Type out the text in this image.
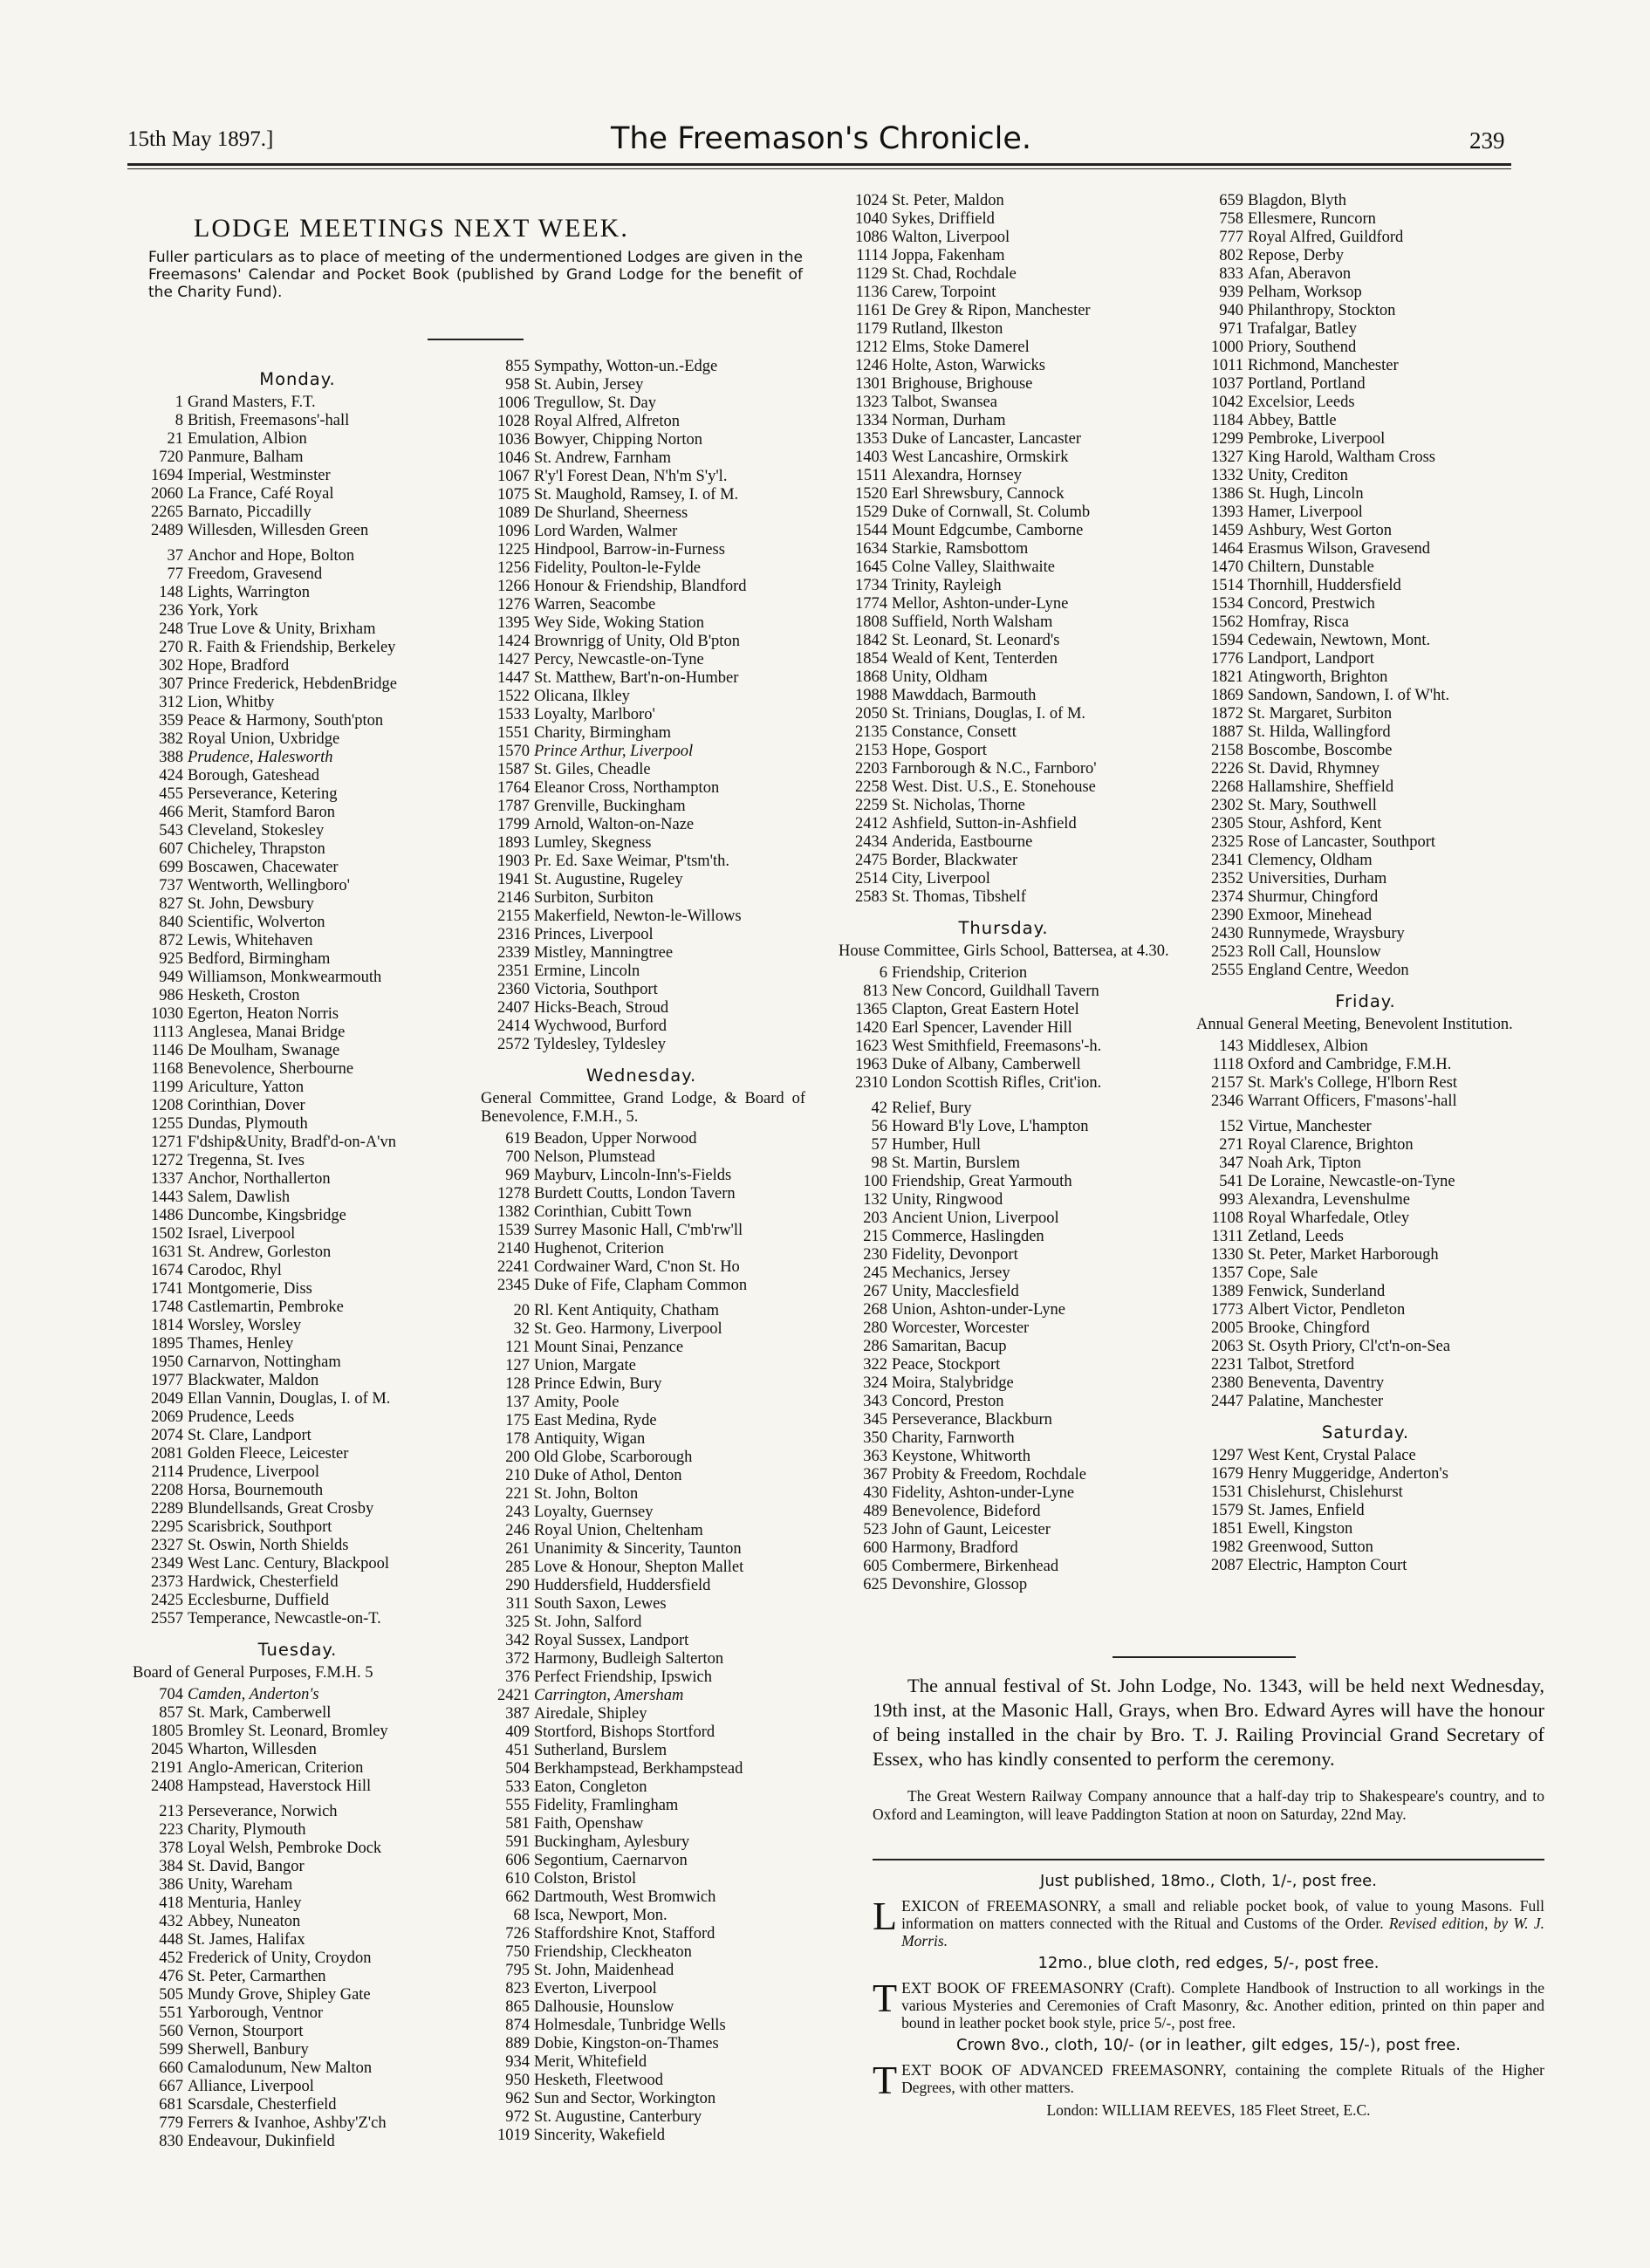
15th May 1897.]	The Freemason's Chronicle.	239
LODGE MEETINGS NEXT WEEK.
Fuller particulars as to place of meeting of the undermentioned Lodges are given in the Freemasons' Calendar and Pocket Book (published by Grand Lodge for the benefit of the Charity Fund).
Monday.
1 Grand Masters, F.T.
8 British, Freemasons'-hall
21 Emulation, Albion
720 Panmure, Balham
1694 Imperial, Westminster
2060 La France, Café Royal
2265 Barnato, Piccadilly
2489 Willesden, Willesden Green
37 Anchor and Hope, Bolton
77 Freedom, Gravesend
148 Lights, Warrington
236 York, York
248 True Love & Unity, Brixham
270 R. Faith & Friendship, Berkeley
302 Hope, Bradford
307 Prince Frederick, HebdenBridge
312 Lion, Whitby
359 Peace & Harmony, South'pton
382 Royal Union, Uxbridge
388 Prudence, Halesworth
424 Borough, Gateshead
455 Perseverance, Ketering
466 Merit, Stamford Baron
543 Cleveland, Stokesley
607 Chicheley, Thrapston
699 Boscawen, Chacewater
737 Wentworth, Wellingboro'
827 St. John, Dewsbury
840 Scientific, Wolverton
872 Lewis, Whitehaven
925 Bedford, Birmingham
949 Williamson, Monkwearmouth
986 Hesketh, Croston
1030 Egerton, Heaton Norris
1113 Anglesea, Manai Bridge
1146 De Moulham, Swanage
1168 Benevolence, Sherbourne
1199 Ariculture, Yatton
1208 Corinthian, Dover
1255 Dundas, Plymouth
1271 F'dship&Unity, Bradf'd-on-A'vn
1272 Tregenna, St. Ives
1337 Anchor, Northallerton
1443 Salem, Dawlish
1486 Duncombe, Kingsbridge
1502 Israel, Liverpool
1631 St. Andrew, Gorleston
1674 Carodoc, Rhyl
1741 Montgomerie, Diss
1748 Castlemartin, Pembroke
1814 Worsley, Worsley
1895 Thames, Henley
1950 Carnarvon, Nottingham
1977 Blackwater, Maldon
2049 Ellan Vannin, Douglas, I. of M.
2069 Prudence, Leeds
2074 St. Clare, Landport
2081 Golden Fleece, Leicester
2114 Prudence, Liverpool
2208 Horsa, Bournemouth
2289 Blundellsands, Great Crosby
2295 Scarisbrick, Southport
2327 St. Oswin, North Shields
2349 West Lanc. Century, Blackpool
2373 Hardwick, Chesterfield
2425 Ecclesburne, Duffield
2557 Temperance, Newcastle-on-T.
Tuesday.
Board of General Purposes, F.M.H. 5
704 Camden, Anderton's
857 St. Mark, Camberwell
1805 Bromley St. Leonard, Bromley
2045 Wharton, Willesden
2191 Anglo-American, Criterion
2408 Hampstead, Haverstock Hill
213 Perseverance, Norwich
223 Charity, Plymouth
378 Loyal Welsh, Pembroke Dock
384 St. David, Bangor
386 Unity, Wareham
418 Menturia, Hanley
432 Abbey, Nuneaton
448 St. James, Halifax
452 Frederick of Unity, Croydon
476 St. Peter, Carmarthen
505 Mundy Grove, Shipley Gate
551 Yarborough, Ventnor
560 Vernon, Stourport
599 Sherwell, Banbury
660 Camalodunum, New Malton
667 Alliance, Liverpool
681 Scarsdale, Chesterfield
779 Ferrers & Ivanhoe, Ashby'Z'ch
830 Endeavour, Dukinfield
855 Sympathy, Wotton-un.-Edge
958 St. Aubin, Jersey
1006 Tregullow, St. Day
1028 Royal Alfred, Alfreton
1036 Bowyer, Chipping Norton
1046 St. Andrew, Farnham
1067 R'y'l Forest Dean, N'h'm S'y'l.
1075 St. Maughold, Ramsey, I. of M.
1089 De Shurland, Sheerness
1096 Lord Warden, Walmer
1225 Hindpool, Barrow-in-Furness
1256 Fidelity, Poulton-le-Fylde
1266 Honour & Friendship, Blandford
1276 Warren, Seacombe
1395 Wey Side, Woking Station
1424 Brownrigg of Unity, Old B'pton
1427 Percy, Newcastle-on-Tyne
1447 St. Matthew, Bart'n-on-Humber
1522 Olicana, Ilkley
1533 Loyalty, Marlboro'
1551 Charity, Birmingham
1570 Prince Arthur, Liverpool
1587 St. Giles, Cheadle
1764 Eleanor Cross, Northampton
1787 Grenville, Buckingham
1799 Arnold, Walton-on-Naze
1893 Lumley, Skegness
1903 Pr. Ed. Saxe Weimar, P'tsm'th.
1941 St. Augustine, Rugeley
2146 Surbiton, Surbiton
2155 Makerfield, Newton-le-Willows
2316 Princes, Liverpool
2339 Mistley, Manningtree
2351 Ermine, Lincoln
2360 Victoria, Southport
2407 Hicks-Beach, Stroud
2414 Wychwood, Burford
2572 Tyldesley, Tyldesley
Wednesday.
General Committee, Grand Lodge, & Board of Benevolence, F.M.H., 5.
619 Beadon, Upper Norwood
700 Nelson, Plumstead
969 Mayburv, Lincoln-Inn's-Fields
1278 Burdett Coutts, London Tavern
1382 Corinthian, Cubitt Town
1539 Surrey Masonic Hall, C'mb'rw'll
2140 Hughenot, Criterion
2241 Cordwainer Ward, C'non St. Ho
2345 Duke of Fife, Clapham Common
20 Rl. Kent Antiquity, Chatham
32 St. Geo. Harmony, Liverpool
121 Mount Sinai, Penzance
127 Union, Margate
128 Prince Edwin, Bury
137 Amity, Poole
175 East Medina, Ryde
178 Antiquity, Wigan
200 Old Globe, Scarborough
210 Duke of Athol, Denton
221 St. John, Bolton
243 Loyalty, Guernsey
246 Royal Union, Cheltenham
261 Unanimity & Sincerity, Taunton
285 Love & Honour, Shepton Mallet
290 Huddersfield, Huddersfield
311 South Saxon, Lewes
325 St. John, Salford
342 Royal Sussex, Landport
372 Harmony, Budleigh Salterton
376 Perfect Friendship, Ipswich
2421 Carrington, Amersham
387 Airedale, Shipley
409 Stortford, Bishops Stortford
451 Sutherland, Burslem
504 Berkhampstead, Berkhampstead
533 Eaton, Congleton
555 Fidelity, Framlingham
581 Faith, Openshaw
591 Buckingham, Aylesbury
606 Segontium, Caernarvon
610 Colston, Bristol
662 Dartmouth, West Bromwich
68 Isca, Newport, Mon.
726 Staffordshire Knot, Stafford
750 Friendship, Cleckheaton
795 St. John, Maidenhead
823 Everton, Liverpool
865 Dalhousie, Hounslow
874 Holmesdale, Tunbridge Wells
889 Dobie, Kingston-on-Thames
934 Merit, Whitefield
950 Hesketh, Fleetwood
962 Sun and Sector, Workington
972 St. Augustine, Canterbury
1019 Sincerity, Wakefield
1024 St. Peter, Maldon
1040 Sykes, Driffield
1086 Walton, Liverpool
1114 Joppa, Fakenham
1129 St. Chad, Rochdale
1136 Carew, Torpoint
1161 De Grey & Ripon, Manchester
1179 Rutland, Ilkeston
1212 Elms, Stoke Damerel
1246 Holte, Aston, Warwicks
1301 Brighouse, Brighouse
1323 Talbot, Swansea
1334 Norman, Durham
1353 Duke of Lancaster, Lancaster
1403 West Lancashire, Ormskirk
1511 Alexandra, Hornsey
1520 Earl Shrewsbury, Cannock
1529 Duke of Cornwall, St. Columb
1544 Mount Edgcumbe, Camborne
1634 Starkie, Ramsbottom
1645 Colne Valley, Slaithwaite
1734 Trinity, Rayleigh
1774 Mellor, Ashton-under-Lyne
1808 Suffield, North Walsham
1842 St. Leonard, St. Leonard's
1854 Weald of Kent, Tenterden
1868 Unity, Oldham
1988 Mawddach, Barmouth
2050 St. Trinians, Douglas, I. of M.
2135 Constance, Consett
2153 Hope, Gosport
2203 Farnborough & N.C., Farnboro'
2258 West. Dist. U.S., E. Stonehouse
2259 St. Nicholas, Thorne
2412 Ashfield, Sutton-in-Ashfield
2434 Anderida, Eastbourne
2475 Border, Blackwater
2514 City, Liverpool
2583 St. Thomas, Tibshelf
Thursday.
House Committee, Girls School, Battersea, at 4.30.
6 Friendship, Criterion
813 New Concord, Guildhall Tavern
1365 Clapton, Great Eastern Hotel
1420 Earl Spencer, Lavender Hill
1623 West Smithfield, Freemasons'-h.
1963 Duke of Albany, Camberwell
2310 London Scottish Rifles, Crit'ion.
42 Relief, Bury
56 Howard B'ly Love, L'hampton
57 Humber, Hull
98 St. Martin, Burslem
100 Friendship, Great Yarmouth
132 Unity, Ringwood
203 Ancient Union, Liverpool
215 Commerce, Haslingden
230 Fidelity, Devonport
245 Mechanics, Jersey
267 Unity, Macclesfield
268 Union, Ashton-under-Lyne
280 Worcester, Worcester
286 Samaritan, Bacup
322 Peace, Stockport
324 Moira, Stalybridge
343 Concord, Preston
345 Perseverance, Blackburn
350 Charity, Farnworth
363 Keystone, Whitworth
367 Probity & Freedom, Rochdale
430 Fidelity, Ashton-under-Lyne
489 Benevolence, Bideford
523 John of Gaunt, Leicester
600 Harmony, Bradford
605 Combermere, Birkenhead
625 Devonshire, Glossop
659 Blagdon, Blyth
758 Ellesmere, Runcorn
777 Royal Alfred, Guildford
802 Repose, Derby
833 Afan, Aberavon
939 Pelham, Worksop
940 Philanthropy, Stockton
971 Trafalgar, Batley
1000 Priory, Southend
1011 Richmond, Manchester
1037 Portland, Portland
1042 Excelsior, Leeds
1184 Abbey, Battle
1299 Pembroke, Liverpool
1327 King Harold, Waltham Cross
1332 Unity, Crediton
1386 St. Hugh, Lincoln
1393 Hamer, Liverpool
1459 Ashbury, West Gorton
1464 Erasmus Wilson, Gravesend
1470 Chiltern, Dunstable
1514 Thornhill, Huddersfield
1534 Concord, Prestwich
1562 Homfray, Risca
1594 Cedewain, Newtown, Mont.
1776 Landport, Landport
1821 Atingworth, Brighton
1869 Sandown, Sandown, I. of W'ht.
1872 St. Margaret, Surbiton
1887 St. Hilda, Wallingford
2158 Boscombe, Boscombe
2226 St. David, Rhymney
2268 Hallamshire, Sheffield
2302 St. Mary, Southwell
2305 Stour, Ashford, Kent
2325 Rose of Lancaster, Southport
2341 Clemency, Oldham
2352 Universities, Durham
2374 Shurmur, Chingford
2390 Exmoor, Minehead
2430 Runnymede, Wraysbury
2523 Roll Call, Hounslow
2555 England Centre, Weedon
Friday.
Annual General Meeting, Benevolent Institution.
143 Middlesex, Albion
1118 Oxford and Cambridge, F.M.H.
2157 St. Mark's College, H'lborn Rest
2346 Warrant Officers, F'masons'-hall
152 Virtue, Manchester
271 Royal Clarence, Brighton
347 Noah Ark, Tipton
541 De Loraine, Newcastle-on-Tyne
993 Alexandra, Levenshulme
1108 Royal Wharfedale, Otley
1311 Zetland, Leeds
1330 St. Peter, Market Harborough
1357 Cope, Sale
1389 Fenwick, Sunderland
1773 Albert Victor, Pendleton
2005 Brooke, Chingford
2063 St. Osyth Priory, Cl'ct'n-on-Sea
2231 Talbot, Stretford
2380 Beneventa, Daventry
2447 Palatine, Manchester
Saturday.
1297 West Kent, Crystal Palace
1679 Henry Muggeridge, Anderton's
1531 Chislehurst, Chislehurst
1579 St. James, Enfield
1851 Ewell, Kingston
1982 Greenwood, Sutton
2087 Electric, Hampton Court
The annual festival of St. John Lodge, No. 1343, will be held next Wednesday, 19th inst, at the Masonic Hall, Grays, when Bro. Edward Ayres will have the honour of being installed in the chair by Bro. T. J. Railing Provincial Grand Secretary of Essex, who has kindly consented to perform the ceremony.
The Great Western Railway Company announce that a half-day trip to Shakespeare's country, and to Oxford and Leamington, will leave Paddington Station at noon on Saturday, 22nd May.
Just published, 18mo., Cloth, 1/-, post free.
L EXICON of FREEMASONRY, a small and reliable pocket book, of value to young Masons. Full information on matters connected with the Ritual and Customs of the Order. Revised edition, by W. J. Morris.
12mo., blue cloth, red edges, 5/-, post free.
T EXT BOOK OF FREEMASONRY (Craft). Complete Handbook of Instruction to all workings in the various Mysteries and Ceremonies of Craft Masonry, &c. Another edition, printed on thin paper and bound in leather pocket book style, price 5/-, post free.
Crown 8vo., cloth, 10/- (or in leather, gilt edges, 15/-), post free.
T EXT BOOK OF ADVANCED FREEMASONRY, containing the complete Rituals of the Higher Degrees, with other matters.
London: WILLIAM REEVES, 185 Fleet Street, E.C.
